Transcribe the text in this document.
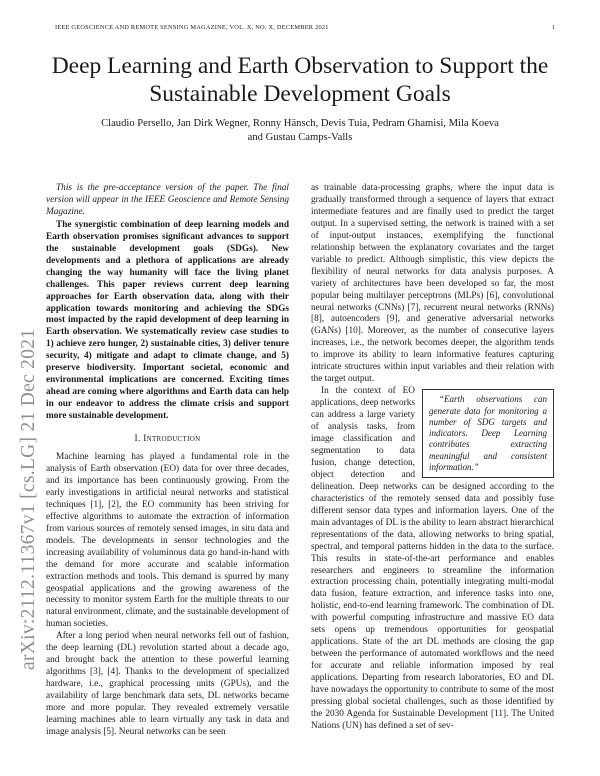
IEEE GEOSCIENCE AND REMOTE SENSING MAGAZINE, VOL. X, NO. X, DECEMBER 2021	1
arXiv:2112.11367v1 [cs.LG] 21 Dec 2021
Deep Learning and Earth Observation to Support the Sustainable Development Goals
Claudio Persello, Jan Dirk Wegner, Ronny Hänsch, Devis Tuia, Pedram Ghamisi, Mila Koeva
and Gustau Camps-Valls

This is the pre-acceptance version of the paper. The final version will appear in the IEEE Geoscience and Remote Sensing Magazine.

The synergistic combination of deep learning models and Earth observation promises significant advances to support the sustainable development goals (SDGs). New developments and a plethora of applications are already changing the way humanity will face the living planet challenges. This paper reviews current deep learning approaches for Earth observation data, along with their application towards monitoring and achieving the SDGs most impacted by the rapid development of deep learning in Earth observation. We systematically review case studies to 1) achieve zero hunger, 2) sustainable cities, 3) deliver tenure security, 4) mitigate and adapt to climate change, and 5) preserve biodiversity. Important societal, economic and environmental implications are concerned. Exciting times ahead are coming where algorithms and Earth data can help in our endeavor to address the climate crisis and support more sustainable development.

I. Introduction

Machine learning has played a fundamental role in the analysis of Earth observation (EO) data for over three decades, and its importance has been continuously growing. From the early investigations in artificial neural networks and statistical techniques [1], [2], the EO community has been striving for effective algorithms to automate the extraction of information from various sources of remotely sensed images, in situ data and models. The developments in sensor technologies and the increasing availability of voluminous data go hand-in-hand with the demand for more accurate and scalable information extraction methods and tools. This demand is spurred by many geospatial applications and the growing awareness of the necessity to monitor system Earth for the multiple threats to our natural environment, climate, and the sustainable development of human societies.

After a long period when neural networks fell out of fashion, the deep learning (DL) revolution started about a decade ago, and brought back the attention to these powerful learning algorithms [3], [4]. Thanks to the development of specialized hardware, i.e., graphical processing units (GPUs), and the availability of large benchmark data sets, DL networks became more and more popular. They revealed extremely versatile learning machines able to learn virtually any task in data and image analysis [5]. Neural networks can be seen

as trainable data-processing graphs, where the input data is gradually transformed through a sequence of layers that extract intermediate features and are finally used to predict the target output. In a supervised setting, the network is trained with a set of input-output instances, exemplifying the functional relationship between the explanatory covariates and the target variable to predict. Although simplistic, this view depicts the flexibility of neural networks for data analysis purposes. A variety of architectures have been developed so far, the most popular being multilayer perceptrons (MLPs) [6], convolutional neural networks (CNNs) [7], recurrent neural networks (RNNs) [8], autoencoders [9], and generative adversarial networks (GANs) [10]. Moreover, as the number of consecutive layers increases, i.e., the network becomes deeper, the algorithm tends to improve its ability to learn informative features capturing intricate structures within input variables and their relation with the target output.

“Earth observations can generate data for monitoring a number of SDG targets and indicators. Deep Learning contributes extracting meaningful and consistent information.”
In the context of EO applications, deep networks can address a large variety of analysis tasks, from image classification and segmentation to data fusion, change detection, object detection and delineation. Deep networks can be designed according to the characteristics of the remotely sensed data and possibly fuse different sensor data types and information layers. One of the main advantages of DL is the ability to learn abstract hierarchical representations of the data, allowing networks to bring spatial, spectral, and temporal patterns hidden in the data to the surface. This results in state-of-the-art performance and enables researchers and engineers to streamline the information extraction processing chain, potentially integrating multi-modal data fusion, feature extraction, and inference tasks into one, holistic, end-to-end learning framework. The combination of DL with powerful computing infrastructure and massive EO data sets opens up tremendous opportunities for geospatial applications. State of the art DL methods are closing the gap between the performance of automated workflows and the need for accurate and reliable information imposed by real applications. Departing from research laboratories, EO and DL have nowadays the opportunity to contribute to some of the most pressing global societal challenges, such as those identified by the 2030 Agenda for Sustainable Development [11]. The United Nations (UN) has defined a set of sev-
